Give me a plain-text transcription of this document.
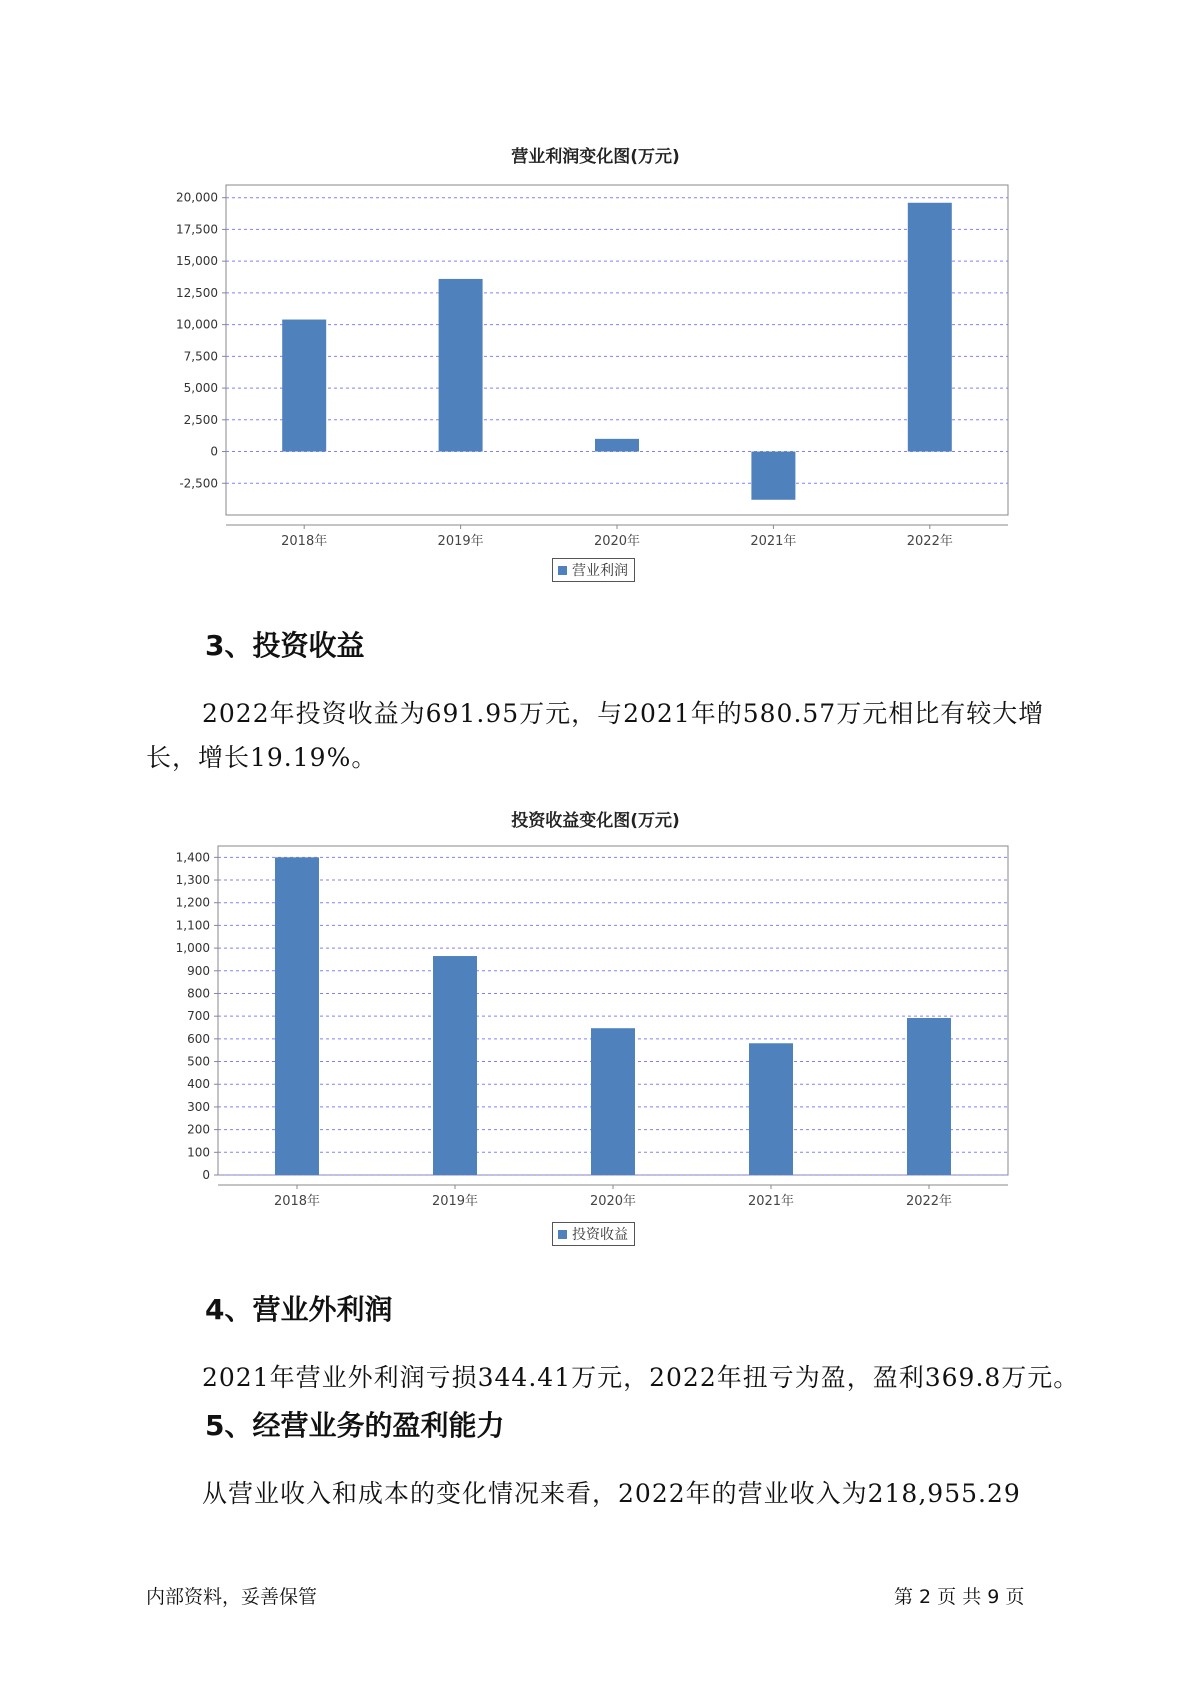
营业利润变化图(万元)
-2,500
0
2,500
5,000
7,500
10,000
12,500
15,000
17,500
20,000
2018年	2019年	2020年	2021年	2022年
营业利润
3、投资收益
2022年投资收益为691.95万元，与2021年的580.57万元相比有较大增
长，增长19.19%。
投资收益变化图(万元)
0
100
200
300
400
500
600
700
800
900
1,000
1,100
1,200
1,300
1,400
2018年	2019年	2020年	2021年	2022年
投资收益
4、营业外利润
2021年营业外利润亏损344.41万元，2022年扭亏为盈，盈利369.8万元。
5、经营业务的盈利能力
从营业收入和成本的变化情况来看，2022年的营业收入为218,955.29
内部资料，妥善保管	第 2 页 共 9 页
